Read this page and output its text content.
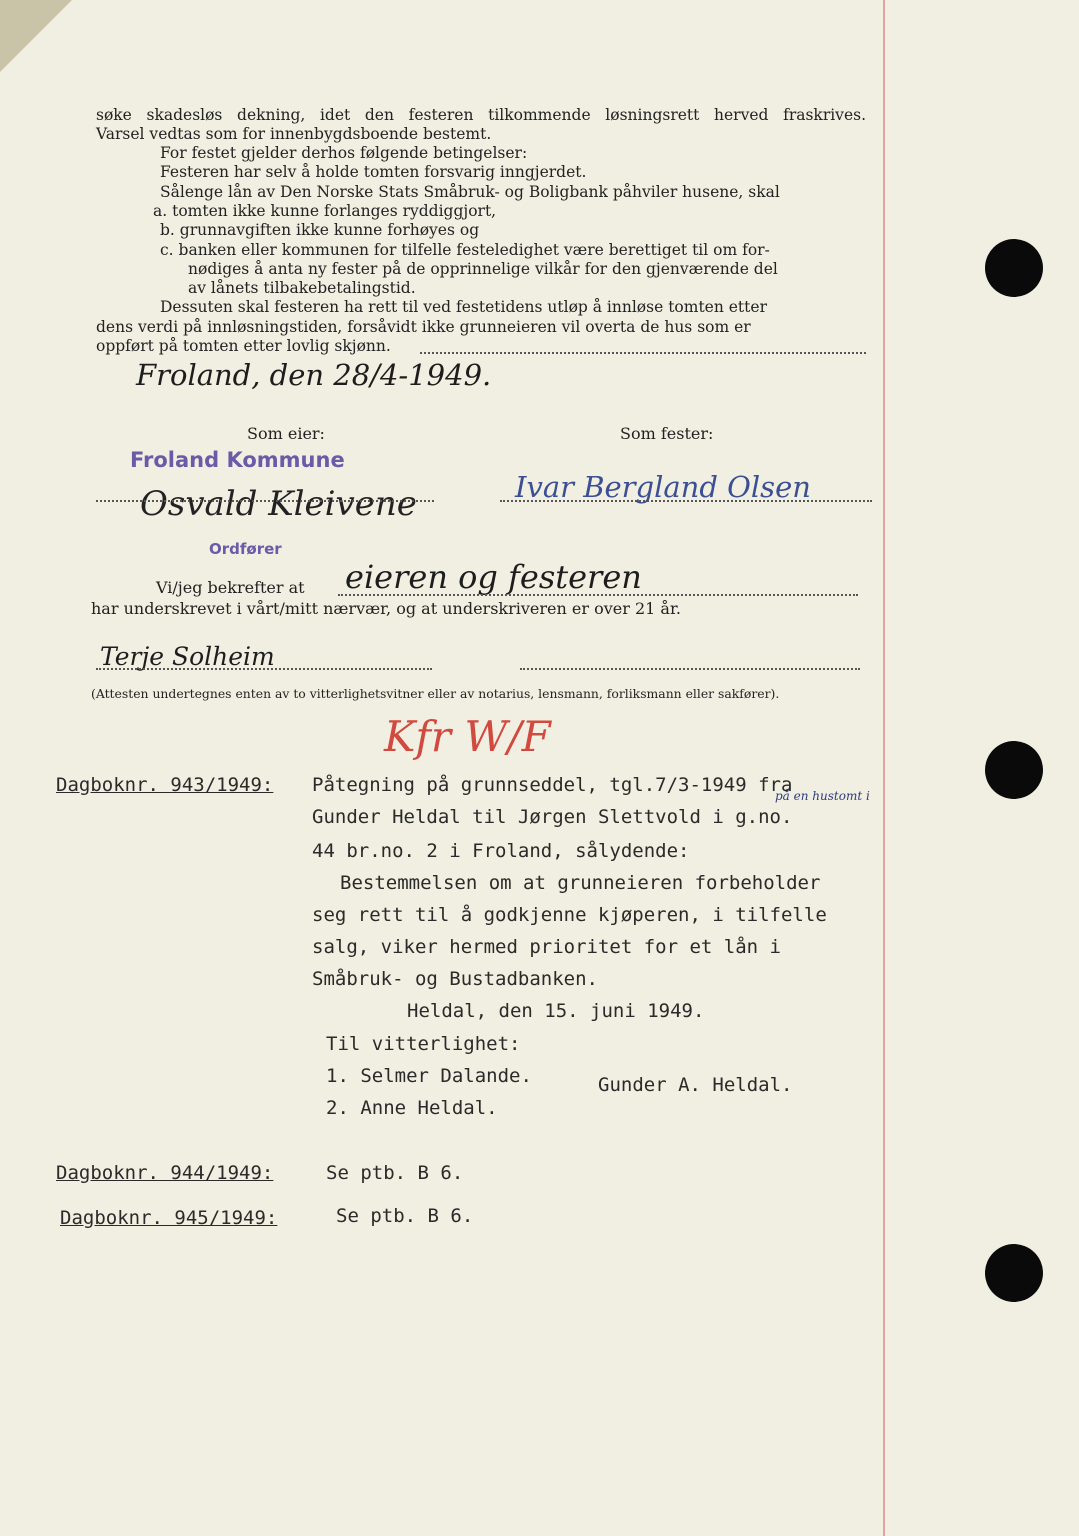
søke skadesløs dekning, idet den festeren tilkommende løsningsrett herved fraskrives.
Varsel vedtas som for innenbygdsboende bestemt.
For festet gjelder derhos følgende betingelser:
Festeren har selv å holde tomten forsvarig inngjerdet.
Sålenge lån av Den Norske Stats Småbruk- og Boligbank påhviler husene, skal
a. tomten ikke kunne forlanges ryddiggjort,
b. grunnavgiften ikke kunne forhøyes og
c. banken eller kommunen for tilfelle festeledighet være berettiget til om for-
nødiges å anta ny fester på de opprinnelige vilkår for den gjenværende del
av lånets tilbakebetalingstid.
Dessuten skal festeren ha rett til ved festetidens utløp å innløse tomten etter
dens verdi på innløsningstiden, forsåvidt ikke grunneieren vil overta de hus som er
oppført på tomten etter lovlig skjønn.
Froland, den 28/4-1949.
Som eier:	Som fester:
Froland Kommune
Osvald Kleivene
Ordfører
Ivar Bergland Olsen
Vi/jeg bekrefter at eieren og festeren
har underskrevet i vårt/mitt nærvær, og at underskriveren er over 21 år.
Terje Solheim
(Attesten undertegnes enten av to vitterlighetsvitner eller av notarius, lensmann, forliksmann eller sakfører).
Kfr W/F
Dagboknr. 943/1949: Påtegning på grunnseddel, tgl.7/3-1949 fra
Gunder Heldal til Jørgen Slettvold i g.no.
på en hustomt i
44 br.no. 2 i Froland, sålydende:
Bestemmelsen om at grunneieren forbeholder
seg rett til å godkjenne kjøperen, i tilfelle
salg, viker hermed prioritet for et lån i
Småbruk- og Bustadbanken.
Heldal, den 15. juni 1949.
Til vitterlighet:
1. Selmer Dalande.
2. Anne Heldal.
Gunder A. Heldal.
Dagboknr. 944/1949:	Se ptb. B 6.
Dagboknr. 945/1949:	Se ptb. B 6.
